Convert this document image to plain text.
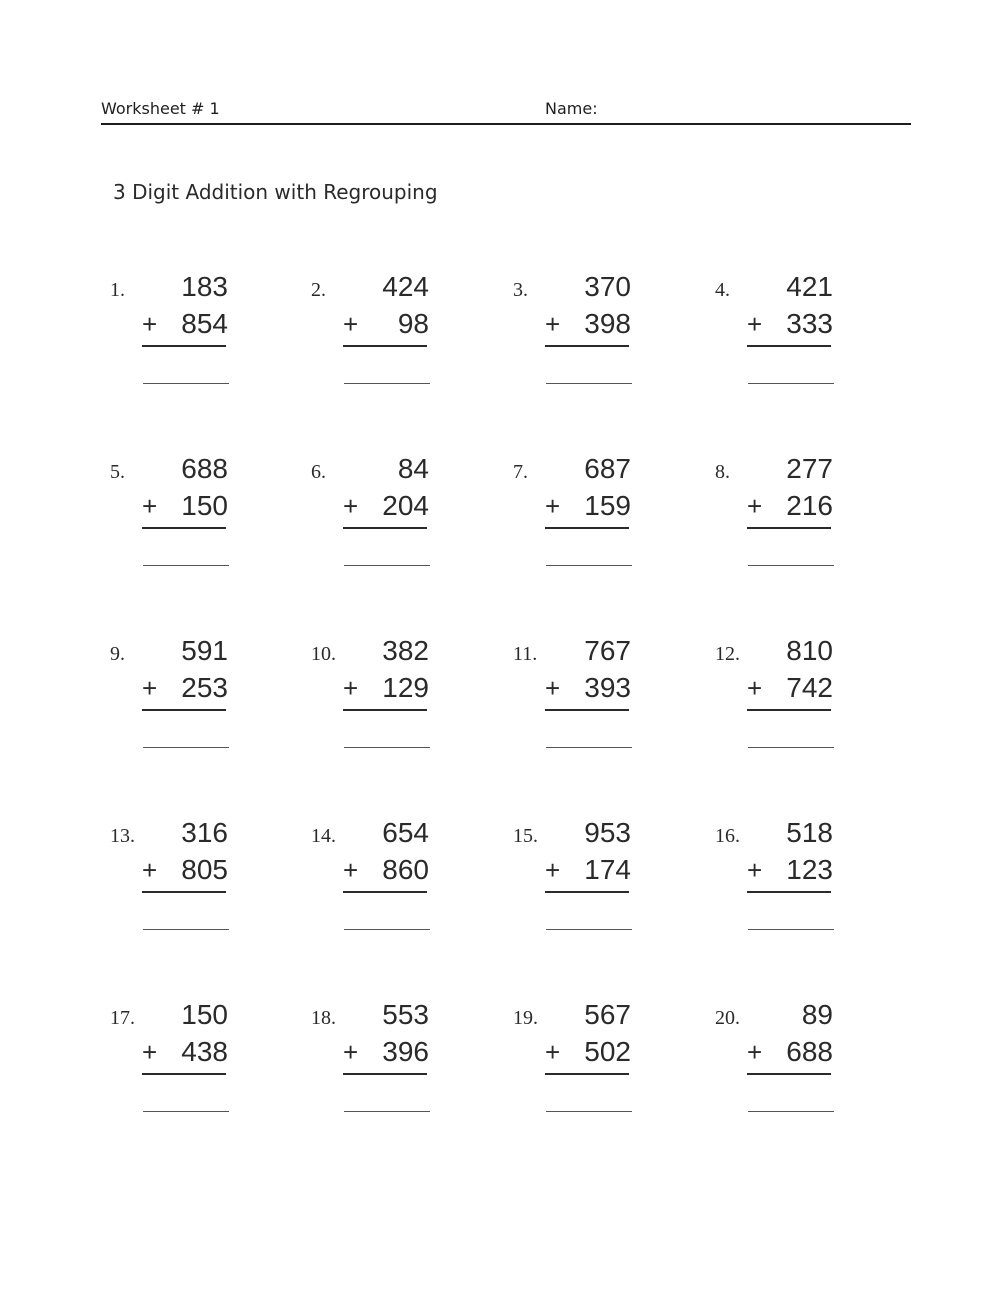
Worksheet # 1	Name:
3 Digit Addition with Regrouping
1. 183
+ 854
2. 424
+ 98
3. 370
+ 398
4. 421
+ 333
5. 688
+ 150
6.	84
+ 204
7. 687
+ 159
8. 277
+ 216
9. 591
+ 253
10. 382
+ 129
11. 767
+ 393
12. 810
+ 742
13. 316
+ 805
14. 654
+ 860
15. 953
+ 174
16. 518
+ 123
17. 150
+ 438
18. 553
+ 396
19. 567
+ 502
20. 89
+ 688
